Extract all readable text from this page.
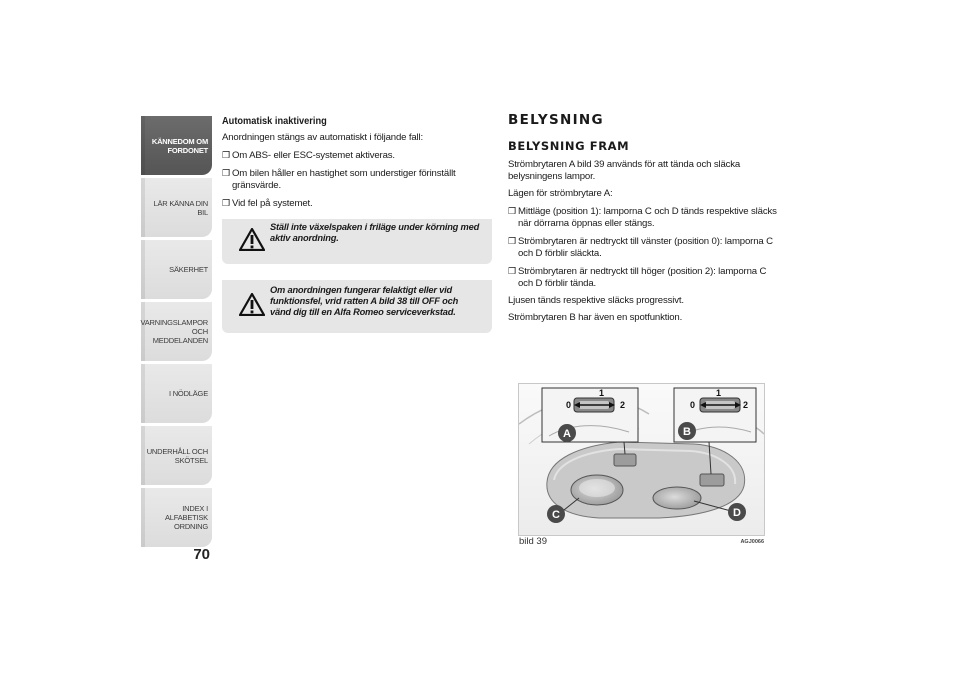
KÄNNEDOM OM FORDONET
LÄR KÄNNA DIN BIL
SÄKERHET
VARNINGSLAMPOR OCH MEDDELANDEN
I NÖDLÄGE
UNDERHÅLL OCH SKÖTSEL
INDEX I ALFABETISK ORDNING
70
Automatisk inaktivering
Anordningen stängs av automatiskt i följande fall:
❒ Om ABS- eller ESC-systemet aktiveras.
❒ Om bilen håller en hastighet som understiger förinställt gränsvärde.
❒ Vid fel på systemet.
Ställ inte växelspaken i friläge under körning med aktiv anordning.
Om anordningen fungerar felaktigt eller vid funktionsfel, vrid ratten A bild 38 till OFF och vänd dig till en Alfa Romeo serviceverkstad.
BELYSNING
BELYSNING FRAM
Strömbrytaren A bild 39 används för att tända och släcka belysningens lampor.
Lägen för strömbrytare A:
❒ Mittläge (position 1): lamporna C och D tänds respektive släcks när dörrarna öppnas eller stängs.
❒ Strömbrytaren är nedtryckt till vänster (position 0): lamporna C och D förblir släckta.
❒ Strömbrytaren är nedtryckt till höger (position 2): lamporna C och D förblir tända.
Ljusen tänds respektive släcks progressivt.
Strömbrytaren B har även en spotfunktion.
1
0	2
1
0	2
A	B
C	D
bild 39	AGJ0066
